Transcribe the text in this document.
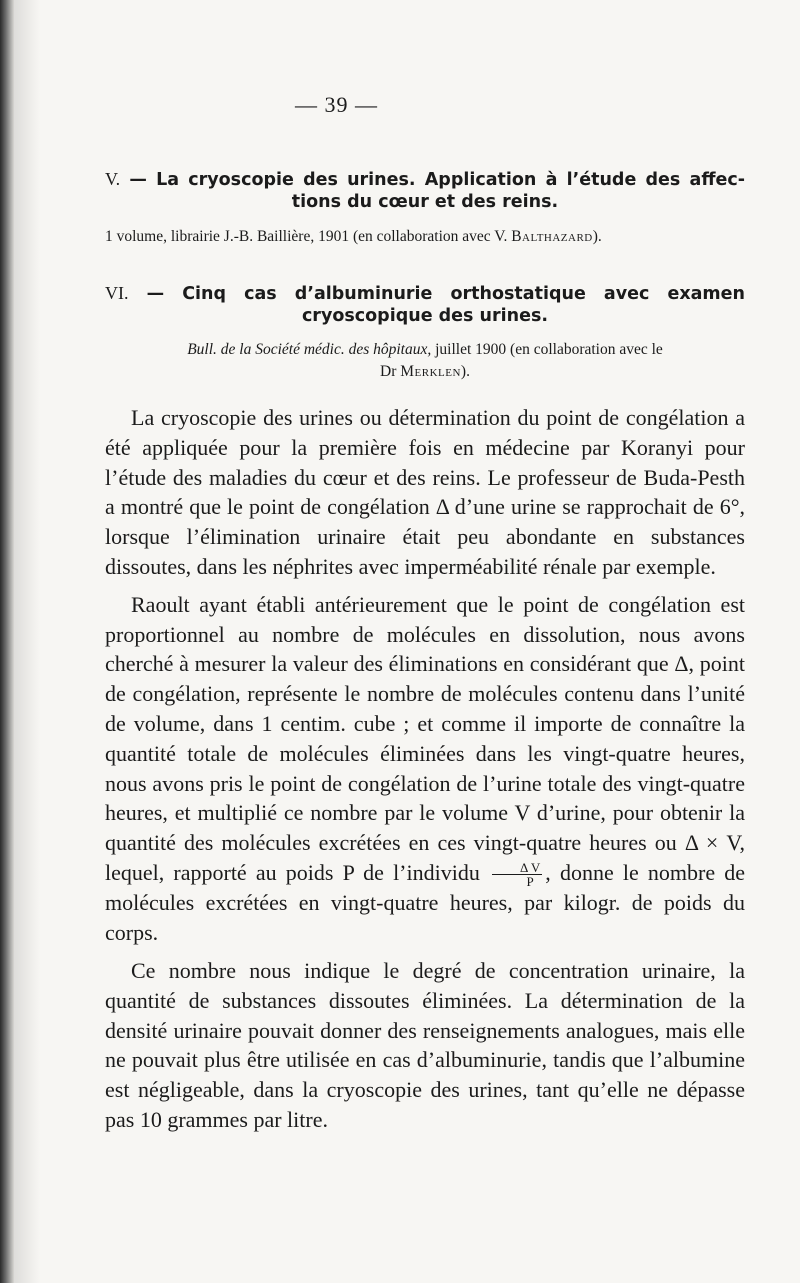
— 39 —
V. — La cryoscopie des urines. Application à l’étude des affec-
tions du cœur et des reins.
1 volume, librairie J.-B. Baillière, 1901 (en collaboration avec V. Balthazard).
VI. — Cinq cas d’albuminurie orthostatique avec examen
cryoscopique des urines.
Bull. de la Société médic. des hôpitaux, juillet 1900 (en collaboration avec le
Dr Merklen).

La cryoscopie des urines ou détermination du point de congélation a été appliquée pour la première fois en médecine par Koranyi pour l’étude des maladies du cœur et des reins. Le professeur de Buda-Pesth a montré que le point de congélation Δ d’une urine se rapprochait de 6°, lorsque l’élimination urinaire était peu abondante en substances dissoutes, dans les néphrites avec imperméabilité rénale par exemple.

Raoult ayant établi antérieurement que le point de congélation est proportionnel au nombre de molécules en dissolution, nous avons cherché à mesurer la valeur des éliminations en considérant que Δ, point de congélation, représente le nombre de molécules contenu dans l’unité de volume, dans 1 centim. cube ; et comme il importe de connaître la quantité totale de molécules éliminées dans les vingt-quatre heures, nous avons pris le point de congélation de l’urine totale des vingt-quatre heures, et multiplié ce nombre par le volume V d’urine, pour obtenir la quantité des molécules excrétées en ces vingt-quatre heures ou Δ × V, lequel, rapporté au poids P de l’individu $\frac{\text{Δ V}}{P}$ , donne le nombre de molécules excrétées en vingt-quatre heures, par kilogr. de poids du corps.

Ce nombre nous indique le degré de concentration urinaire, la quantité de substances dissoutes éliminées. La détermination de la densité urinaire pouvait donner des renseignements analogues, mais elle ne pouvait plus être utilisée en cas d’albuminurie, tandis que l’albumine est négligeable, dans la cryoscopie des urines, tant qu’elle ne dépasse pas 10 grammes par litre.
